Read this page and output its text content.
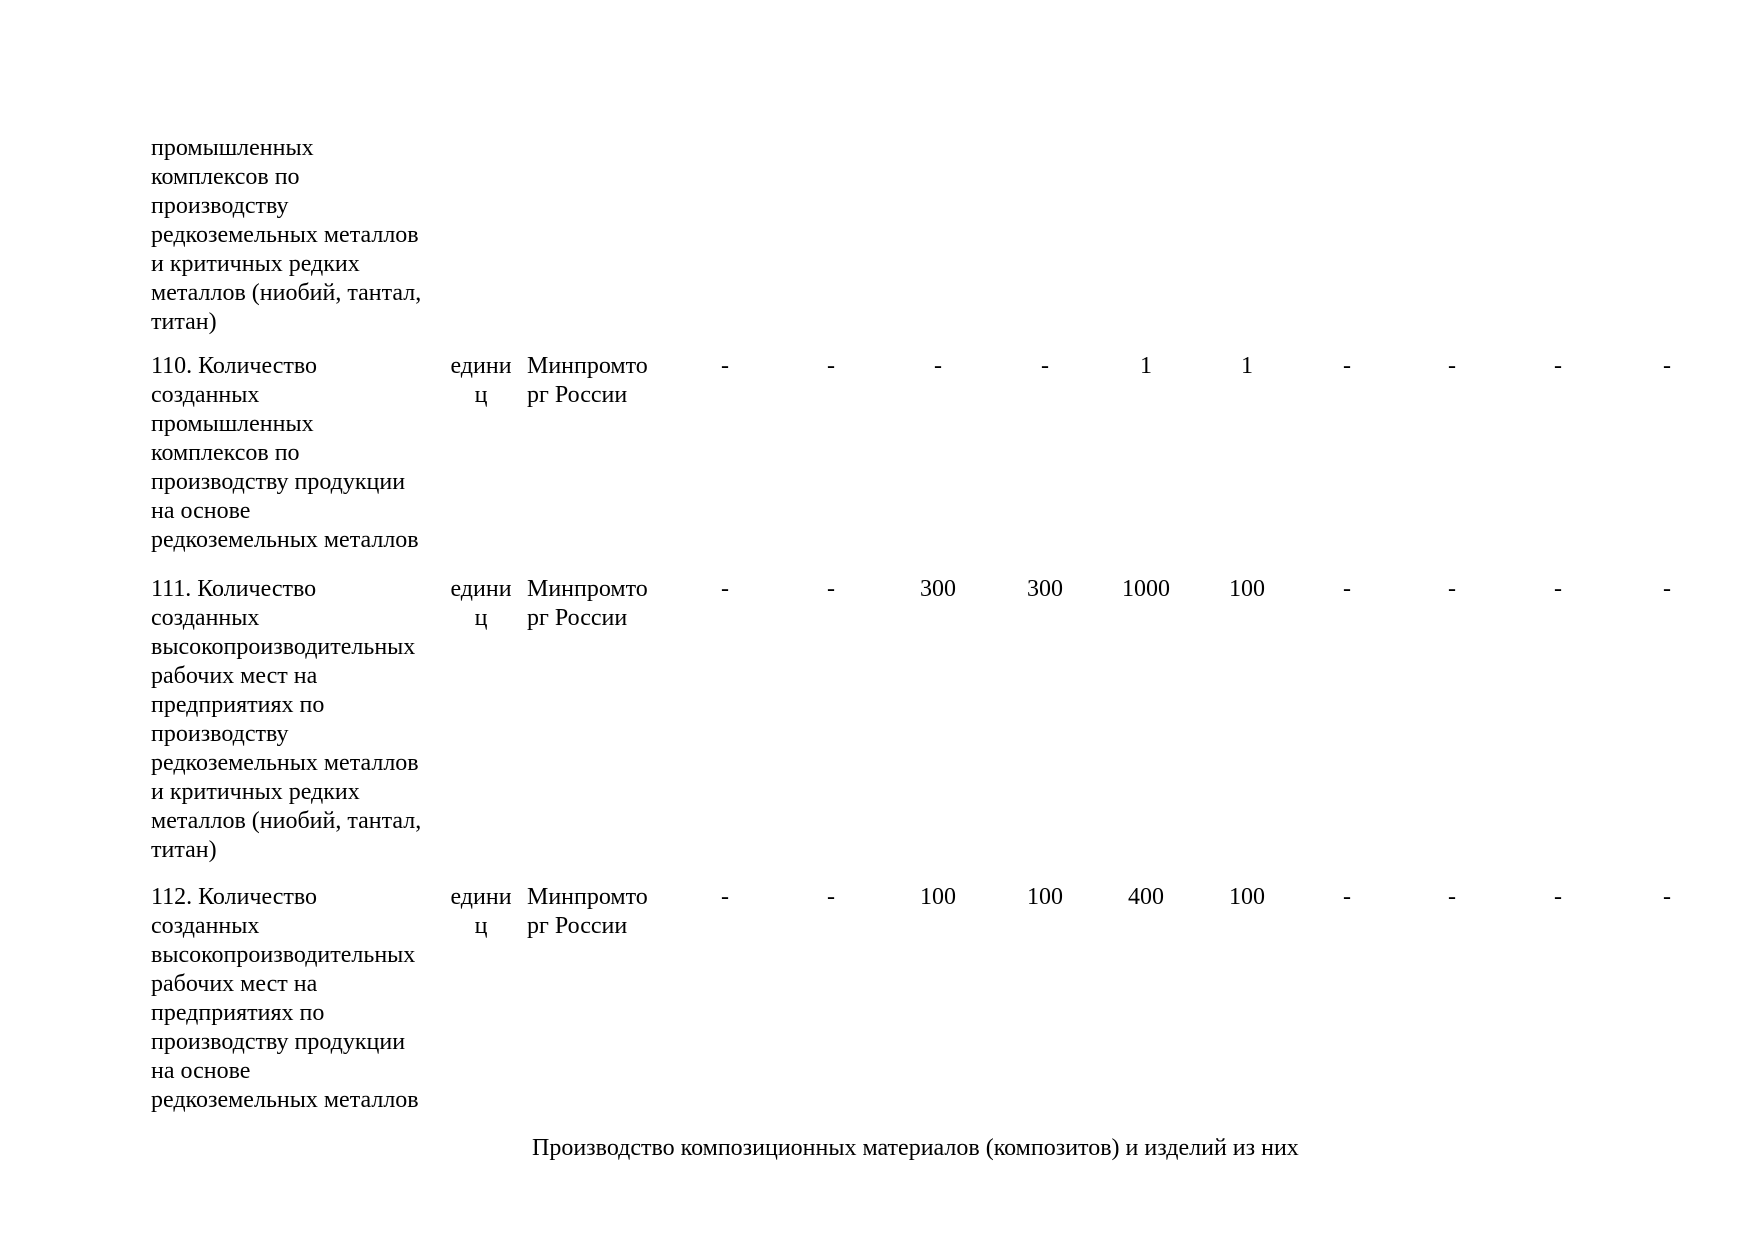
промышленных
комплексов по
производству
редкоземельных металлов
и критичных редких
металлов (ниобий, тантал,
титан)
110. Количество
созданных
промышленных
комплексов по
производству продукции
на основе
редкоземельных металлов
едини
ц
Минпромто
рг России
-	-	-	-	1	1	-	-	-	-
111. Количество
созданных
высокопроизводительных
рабочих мест на
предприятиях по
производству
редкоземельных металлов
и критичных редких
металлов (ниобий, тантал,
титан)
едини
ц
Минпромто
рг России
-	-	300	300	1000	100	-	-	-	-
112. Количество
созданных
высокопроизводительных
рабочих мест на
предприятиях по
производству продукции
на основе
редкоземельных металлов
едини
ц
Минпромто
рг России
-	-	100	100	400	100	-	-	-	-
Производство композиционных материалов (композитов) и изделий из них
